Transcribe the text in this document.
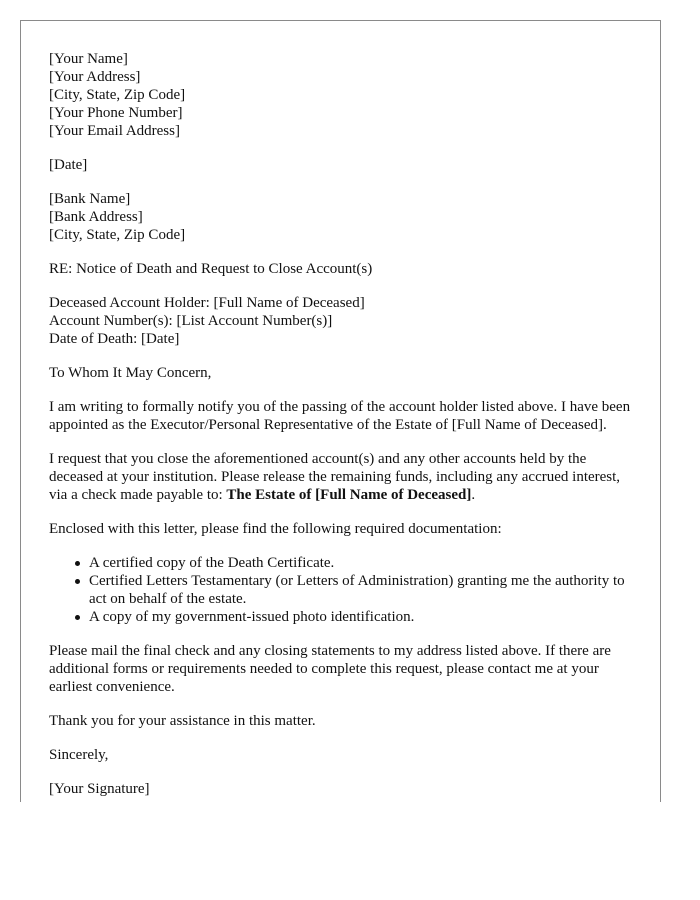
[Your Name]
[Your Address]
[City, State, Zip Code]
[Your Phone Number]
[Your Email Address]
[Date]
[Bank Name]
[Bank Address]
[City, State, Zip Code]
RE: Notice of Death and Request to Close Account(s)
Deceased Account Holder: [Full Name of Deceased]
Account Number(s): [List Account Number(s)]
Date of Death: [Date]

To Whom It May Concern,

I am writing to formally notify you of the passing of the account holder listed above. I have been appointed as the Executor/Personal Representative of the Estate of [Full Name of Deceased].

I request that you close the aforementioned account(s) and any other accounts held by the deceased at your institution. Please release the remaining funds, including any accrued interest, via a check made payable to: The Estate of [Full Name of Deceased].

Enclosed with this letter, please find the following required documentation:

A certified copy of the Death Certificate.
Certified Letters Testamentary (or Letters of Administration) granting me the authority to act on behalf of the estate.
A copy of my government-issued photo identification.

Please mail the final check and any closing statements to my address listed above. If there are additional forms or requirements needed to complete this request, please contact me at your earliest convenience.

Thank you for your assistance in this matter.

Sincerely,

[Your Signature]
